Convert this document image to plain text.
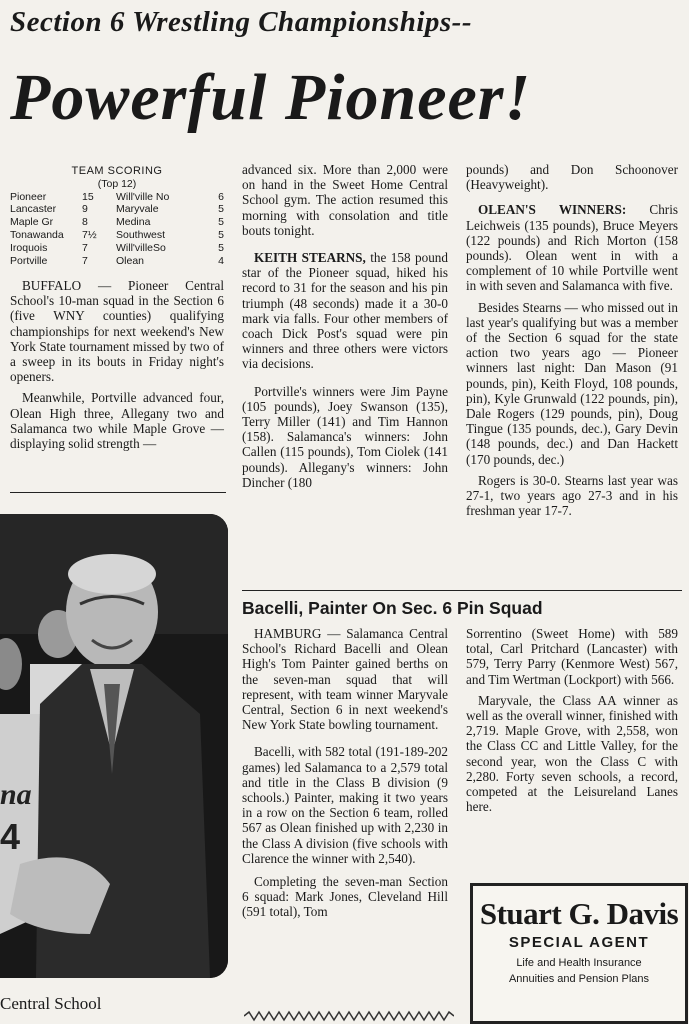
Section 6 Wrestling Championships--
Powerful Pioneer!
TEAM SCORING
(Top 12)
Pioneer	15	Will'ville No	6
Lancaster	9	Maryvale	5
Maple Gr	8	Medina	5
Tonawanda	7½	Southwest	5
Iroquois	7	Will'villeSo	5
Portville	7	Olean	4

BUFFALO — Pioneer Central School's 10-man squad in the Section 6 (five WNY counties) qualifying championships for next weekend's New York State tournament missed by two of a sweep in its bouts in Friday night's openers.

Meanwhile, Portville advanced four, Olean High three, Allegany two and Salamanca two while Maple Grove — displaying solid strength —

na
4
Central School

advanced six. More than 2,000 were on hand in the Sweet Home Central School gym. The action resumed this morning with consolation and title bouts tonight.

KEITH STEARNS, the 158 pound star of the Pioneer squad, hiked his record to 31 for the season and his pin triumph (48 seconds) made it a 30-0 mark via falls. Four other members of coach Dick Post's squad were pin winners and three others were victors via decisions.

Portville's winners were Jim Payne (105 pounds), Joey Swanson (135), Terry Miller (141) and Tim Hannon (158). Salamanca's winners: John Callen (115 pounds), Tom Ciolek (141 pounds). Allegany's winners: John Dincher (180

pounds) and Don Schoonover (Heavyweight).

OLEAN'S WINNERS: Chris Leichweis (135 pounds), Bruce Meyers (122 pounds) and Rich Morton (158 pounds). Olean went in with a complement of 10 while Portville went in with seven and Salamanca with five.

Besides Stearns — who missed out in last year's qualifying but was a member of the Section 6 squad for the state action two years ago — Pioneer winners last night: Dan Mason (91 pounds, pin), Keith Floyd, 108 pounds, pin), Kyle Grunwald (122 pounds, pin), Dale Rogers (129 pounds, pin), Doug Tingue (135 pounds, dec.), Gary Devin (148 pounds, dec.) and Dan Hackett (170 pounds, dec.)

Rogers is 30-0. Stearns last year was 27-1, two years ago 27-3 and in his freshman year 17-7.

Bacelli, Painter On Sec. 6 Pin Squad

HAMBURG — Salamanca Central School's Richard Bacelli and Olean High's Tom Painter gained berths on the seven-man squad that will represent, with team winner Maryvale Central, Section 6 in next weekend's New York State bowling tournament.

Bacelli, with 582 total (191-189-202 games) led Salamanca to a 2,579 total and title in the Class B division (9 schools.) Painter, making it two years in a row on the Section 6 team, rolled 567 as Olean finished up with 2,230 in the Class A division (five schools with Clarence the winner with 2,540).

Completing the seven-man Section 6 squad: Mark Jones, Cleveland Hill (591 total), Tom

Sorrentino (Sweet Home) with 589 total, Carl Pritchard (Lancaster) with 579, Terry Parry (Kenmore West) 567, and Tim Wertman (Lockport) with 566.

Maryvale, the Class AA winner as well as the overall winner, finished with 2,719. Maple Grove, with 2,558, won the Class CC and Little Valley, for the second year, won the Class C with 2,280. Forty seven schools, a record, competed at the Leisureland Lanes here.

Stuart G. Davis
SPECIAL AGENT
Life and Health Insurance
Annuities and Pension Plans
